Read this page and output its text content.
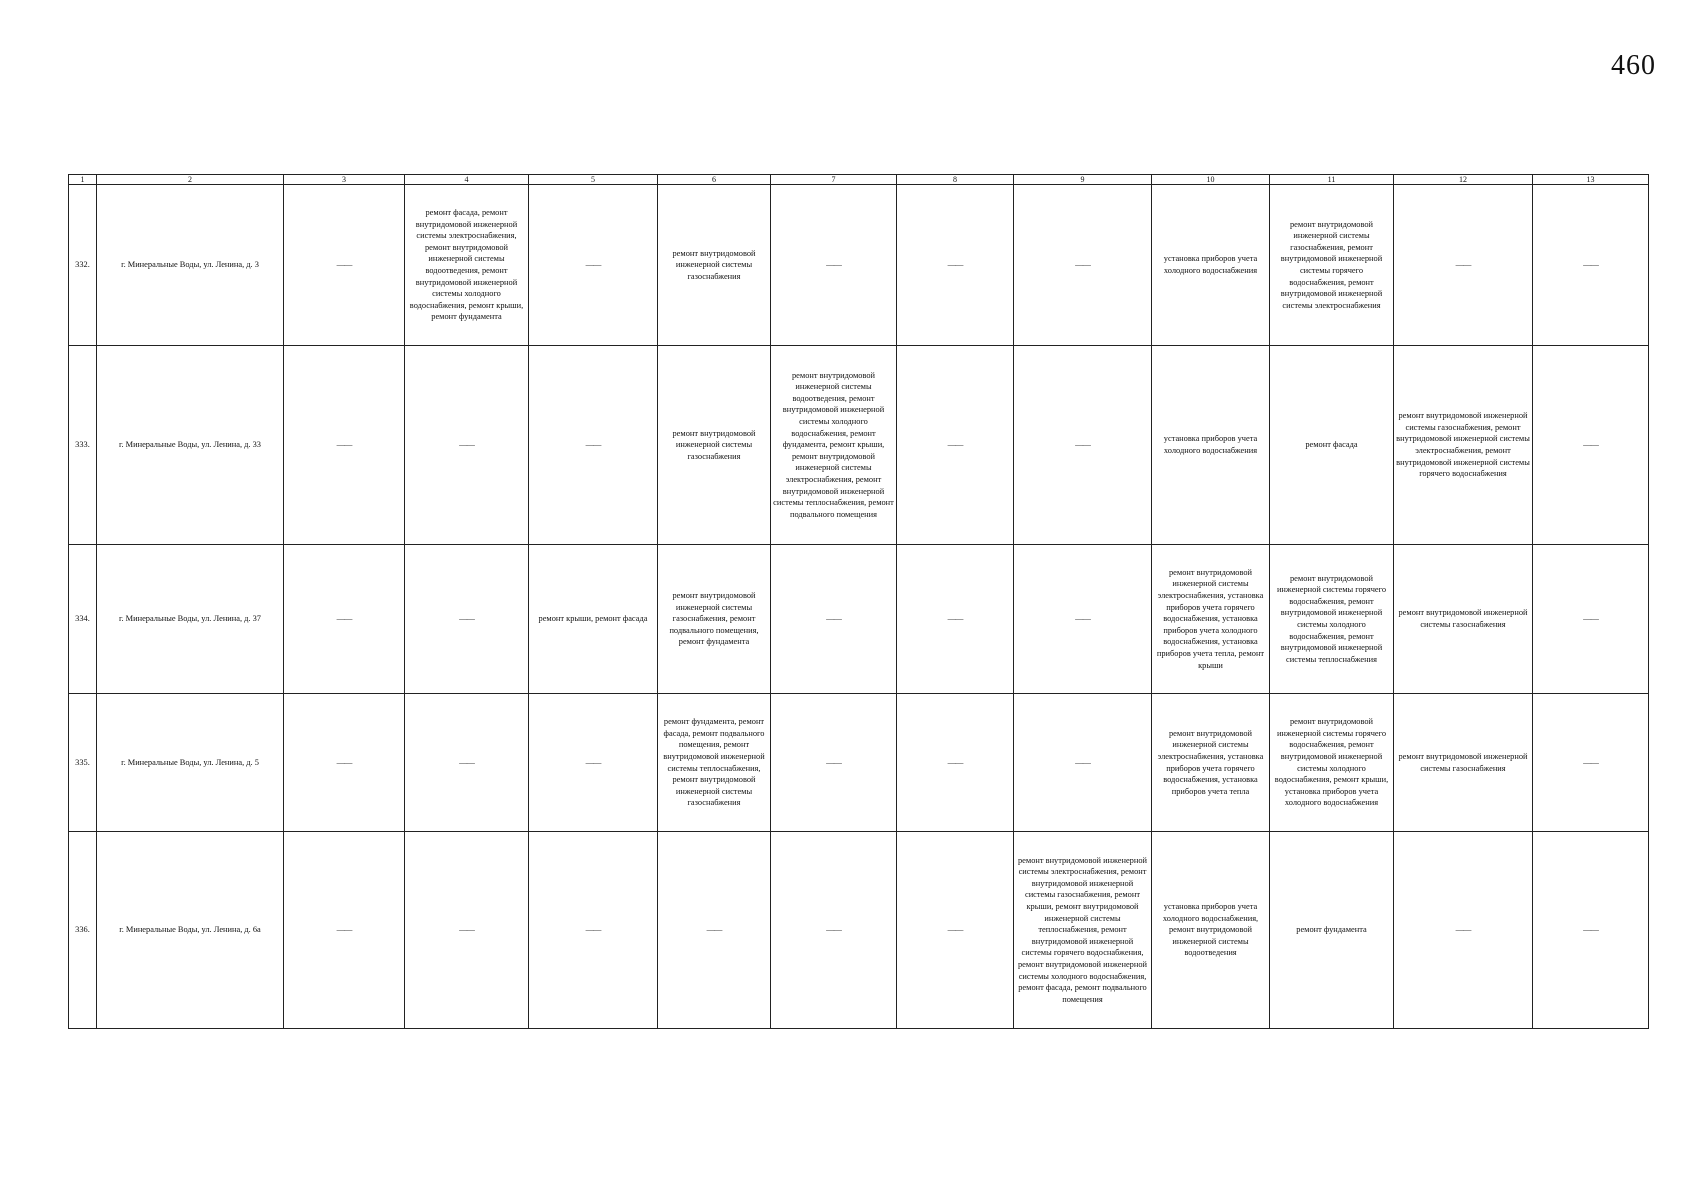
460
1	2	3	4	5	6	7	8	9	10	11	12	13
332.	г. Минеральные Воды, ул. Ленина, д. 3	——	ремонт фасада, ремонт внутридомовой инженерной системы электроснабжения, ремонт внутридомовой инженерной системы водоотведения, ремонт внутридомовой инженерной системы холодного водоснабжения, ремонт крыши, ремонт фундамента	——	ремонт внутридомовой инженерной системы газоснабжения	——	——	——	установка приборов учета холодного водоснабжения	ремонт внутридомовой инженерной системы газоснабжения, ремонт внутридомовой инженерной системы горячего водоснабжения, ремонт внутридомовой инженерной системы электроснабжения	——	——
333.	г. Минеральные Воды, ул. Ленина, д. 33	——	——	——	ремонт внутридомовой инженерной системы газоснабжения	ремонт внутридомовой инженерной системы водоотведения, ремонт внутридомовой инженерной системы холодного водоснабжения, ремонт фундамента, ремонт крыши, ремонт внутридомовой инженерной системы электроснабжения, ремонт внутридомовой инженерной системы теплоснабжения, ремонт подвального помещения	——	——	установка приборов учета холодного водоснабжения	ремонт фасада	ремонт внутридомовой инженерной системы газоснабжения, ремонт внутридомовой инженерной системы электроснабжения, ремонт внутридомовой инженерной системы горячего водоснабжения	——
334.	г. Минеральные Воды, ул. Ленина, д. 37	——	——	ремонт крыши, ремонт фасада	ремонт внутридомовой инженерной системы газоснабжения, ремонт подвального помещения, ремонт фундамента	——	——	——	ремонт внутридомовой инженерной системы электроснабжения, установка приборов учета горячего водоснабжения, установка приборов учета холодного водоснабжения, установка приборов учета тепла, ремонт крыши	ремонт внутридомовой инженерной системы горячего водоснабжения, ремонт внутридомовой инженерной системы холодного водоснабжения, ремонт внутридомовой инженерной системы теплоснабжения	ремонт внутридомовой инженерной системы газоснабжения	——
335.	г. Минеральные Воды, ул. Ленина, д. 5	——	——	——	ремонт фундамента, ремонт фасада, ремонт подвального помещения, ремонт внутридомовой инженерной системы теплоснабжения, ремонт внутридомовой инженерной системы газоснабжения	——	——	——	ремонт внутридомовой инженерной системы электроснабжения, установка приборов учета горячего водоснабжения, установка приборов учета тепла	ремонт внутридомовой инженерной системы горячего водоснабжения, ремонт внутридомовой инженерной системы холодного водоснабжения, ремонт крыши, установка приборов учета холодного водоснабжения	ремонт внутридомовой инженерной системы газоснабжения	——
336.	г. Минеральные Воды, ул. Ленина, д. 6а	——	——	——	——	——	——	ремонт внутридомовой инженерной системы электроснабжения, ремонт внутридомовой инженерной системы газоснабжения, ремонт крыши, ремонт внутридомовой инженерной системы теплоснабжения, ремонт внутридомовой инженерной системы горячего водоснабжения, ремонт внутридомовой инженерной системы холодного водоснабжения, ремонт фасада, ремонт подвального помещения	установка приборов учета холодного водоснабжения, ремонт внутридомовой инженерной системы водоотведения	ремонт фундамента	——	——
